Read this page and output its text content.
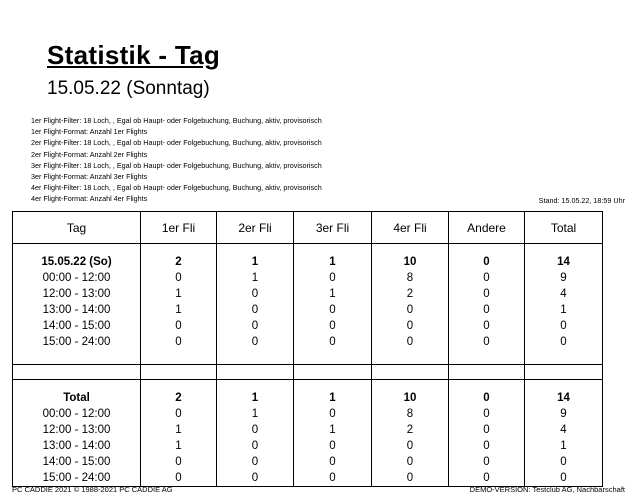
Statistik - Tag
15.05.22 (Sonntag)
1er Flight-Filter: 18 Loch, , Egal ob Haupt- oder Folgebuchung, Buchung, aktiv, provisorisch
1er Flight-Format: Anzahl 1er Flights
2er Flight-Filter: 18 Loch, , Egal ob Haupt- oder Folgebuchung, Buchung, aktiv, provisorisch
2er Flight-Format: Anzahl 2er Flights
3er Flight-Filter: 18 Loch, , Egal ob Haupt- oder Folgebuchung, Buchung, aktiv, provisorisch
3er Flight-Format: Anzahl 3er Flights
4er Flight-Filter: 18 Loch, , Egal ob Haupt- oder Folgebuchung, Buchung, aktiv, provisorisch
4er Flight-Format: Anzahl 4er Flights	Stand: 15.05.22, 18:59 Uhr
Tag	1er Fli	2er Fli	3er Fli	4er Fli	Andere	Total

15.05.22 (So)	2	1	1	10	0	14
00:00 - 12:00	0	1	0	8	0	9
12:00 - 13:00	1	0	1	2	0	4
13:00 - 14:00	1	0	0	0	0	1
14:00 - 15:00	0	0	0	0	0	0
15:00 - 24:00	0	0	0	0	0	0

Total	2	1	1	10	0	14
00:00 - 12:00	0	1	0	8	0	9
12:00 - 13:00	1	0	1	2	0	4
13:00 - 14:00	1	0	0	0	0	1
14:00 - 15:00	0	0	0	0	0	0
15:00 - 24:00	0	0	0	0	0	0
PC CADDIE 2021 © 1988-2021 PC CADDIE AG	DEMO-VERSION: Testclub AG, Nachbarschaft
